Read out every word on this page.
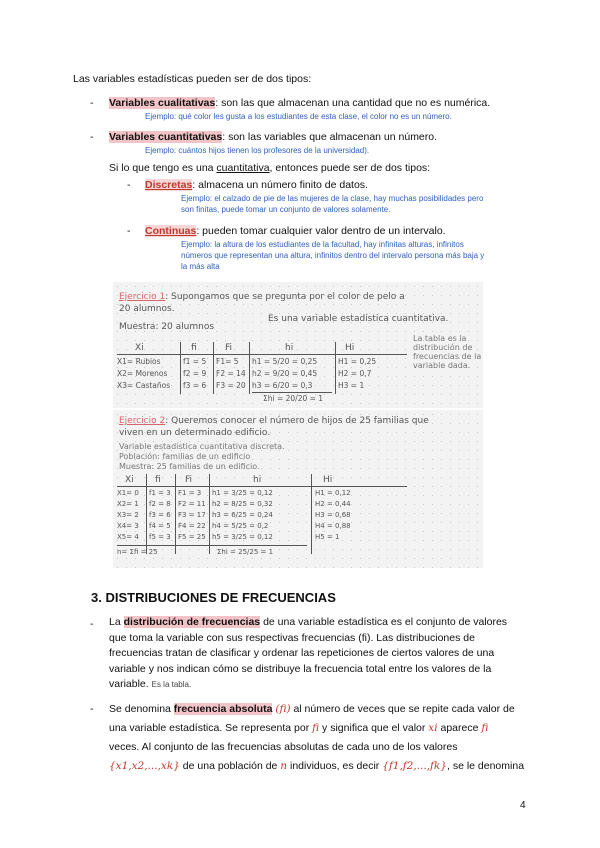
Las variables estadísticas pueden ser de dos tipos:
- Variables cualitativas: son las que almacenan una cantidad que no es numérica.
Ejemplo: qué color les gusta a los estudiantes de esta clase, el color no es un número.
- Variables cuantitativas: son las variables que almacenan un número.
Ejemplo: cuántos hijos tienen los profesores de la universidad).
Si lo que tengo es una cuantitativa, entonces puede ser de dos tipos:
- Discretas: almacena un número finito de datos.
Ejemplo: el calzado de pie de las mujeres de la clase, hay muchas posibilidades pero
son finitas, puede tomar un conjunto de valores solamente.
- Continuas: pueden tomar cualquier valor dentro de un intervalo.
Ejemplo: la altura de los estudiantes de la facultad, hay infinitas alturas, infinitos
números que representan una altura, infinitos dentro del intervalo persona más baja y
la más alta
Ejercicio 1: Supongamos que se pregunta por el color de pelo a
20 alumnos.
Es una variable estadística cuantitativa.
Muestra: 20 alumnos
La tabla es la
distribución de
frecuencias de la
variable dada.
Xi	fi	Fi	hi	Hi
X1= Rubios	f1 = 5 F1= 5 h1 = 5/20 = 0,25	H1 = 0,25
X2= Morenos f2 = 9 F2 = 14 h2 = 9/20 = 0,45	H2 = 0,7
X3= Castaños f3 = 6 F3 = 20 h3 = 6/20 = 0,3	H3 = 1
Σhi = 20/20 = 1
Ejercicio 2: Queremos conocer el número de hijos de 25 familias que
viven en un determinado edificio.
Variable estadística cuantitativa discreta.
Población: familias de un edificio
Muestra: 25 familias de un edificio.
Xi fi	Fi	hi	Hi
X1= 0 f1 = 3 F1 = 3 h1 = 3/25 = 0,12	H1 = 0,12
X2= 1 f2 = 8 F2 = 11 h2 = 8/25 = 0,32	H2 = 0,44
X3= 2 f3 = 6 F3 = 17 h3 = 6/25 = 0,24	H3 = 0,68
X4= 3 f4 = 5 F4 = 22 h4 = 5/25 = 0,2	H4 = 0,88
X5= 4 f5 = 3 F5 = 25 h5 = 3/25 = 0,12	H5 = 1
n= Σfi = 25	Σhi = 25/25 = 1
3. DISTRIBUCIONES DE FRECUENCIAS
- La distribución de frecuencias de una variable estadística es el conjunto de valores
que toma la variable con sus respectivas frecuencias (fi). Las distribuciones de
frecuencias tratan de clasificar y ordenar las repeticiones de ciertos valores de una
variable y nos indican cómo se distribuye la frecuencia total entre los valores de la
variable. Es la tabla.
- Se denomina frecuencia absoluta (fi) al número de veces que se repite cada valor de
una variable estadística. Se representa por fi y significa que el valor xi aparece fi
veces. Al conjunto de las frecuencias absolutas de cada uno de los valores
{x1,x2,...,xk} de una población de n individuos, es decir {f1,f2,...,fk}, se le denomina
4
